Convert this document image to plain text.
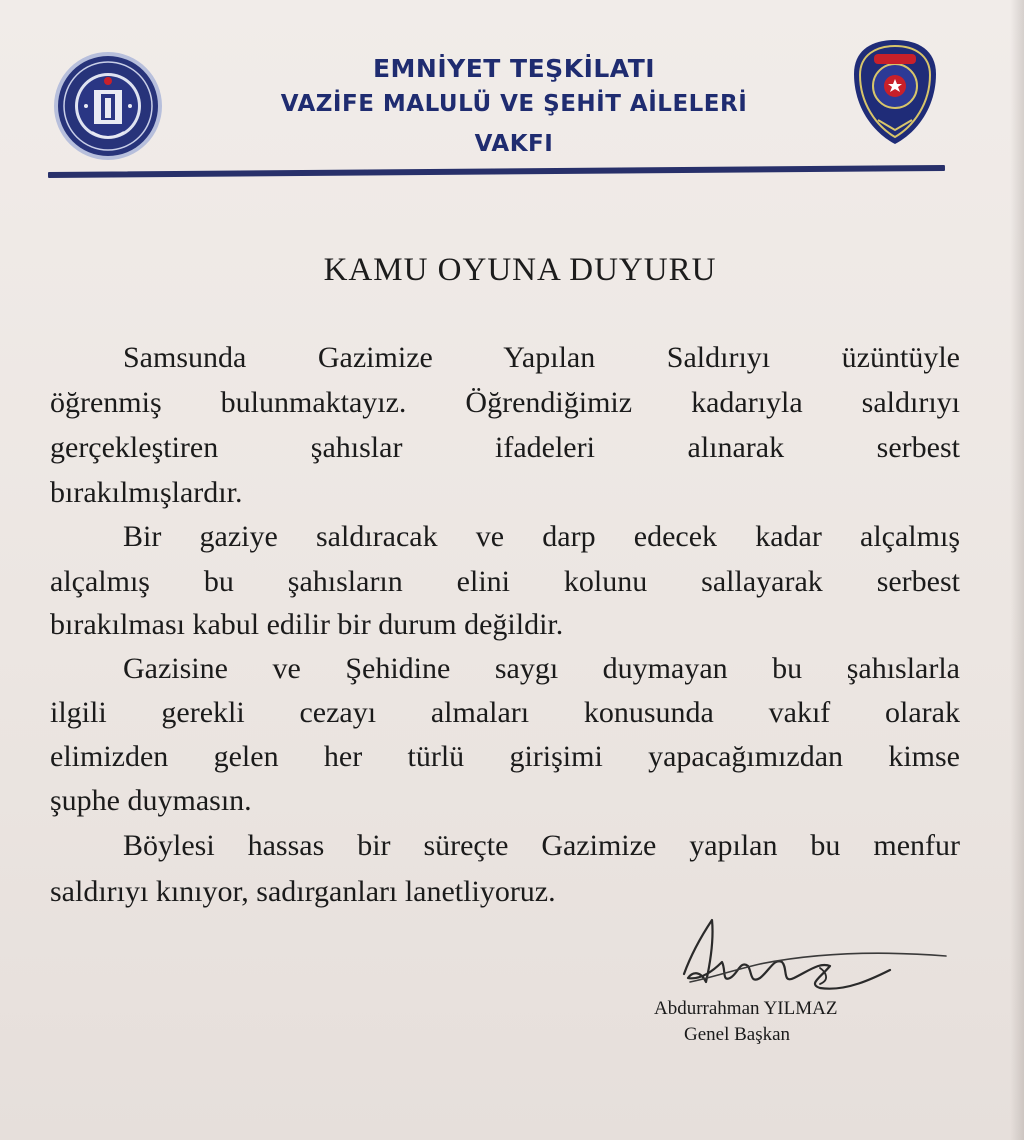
EMNİYET TEŞKİLATI
VAZİFE MALULÜ VE ŞEHİT AİLELERİ
VAKFI
KAMU OYUNA DUYURU
Samsunda Gazimize Yapılan Saldırıyı üzüntüyle
öğrenmiş bulunmaktayız. Öğrendiğimiz kadarıyla saldırıyı
gerçekleştiren şahıslar ifadeleri alınarak serbest
bırakılmışlardır.
Bir gaziye saldıracak ve darp edecek kadar alçalmış
alçalmış bu şahısların elini kolunu sallayarak serbest
bırakılması kabul edilir bir durum değildir.
Gazisine ve Şehidine saygı duymayan bu şahıslarla
ilgili gerekli cezayı almaları konusunda vakıf olarak
elimizden gelen her türlü girişimi yapacağımızdan kimse
şuphe duymasın.
Böylesi hassas bir süreçte Gazimize yapılan bu menfur
saldırıyı kınıyor, sadırganları lanetliyoruz.
Abdurrahman YILMAZ
Genel Başkan
